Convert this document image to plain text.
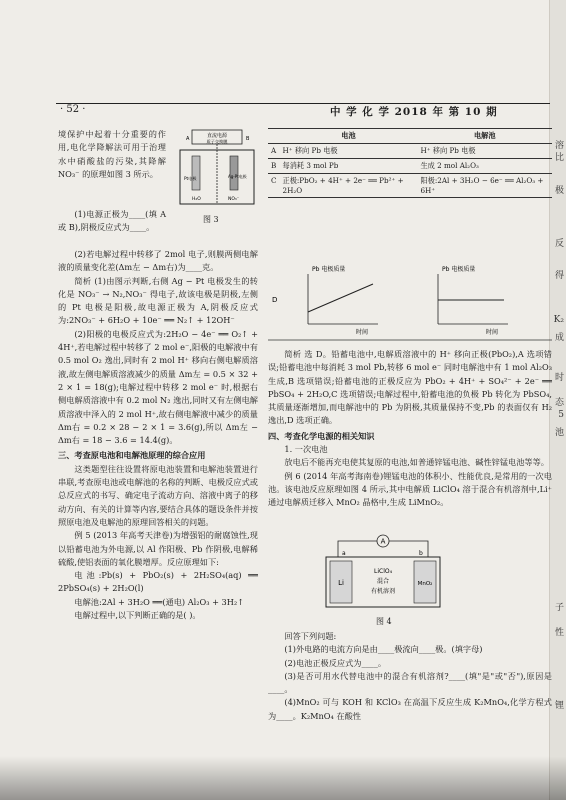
溶
比
极
反
得
K₂
成
时
态
5
池
子
性
锂
· 52 ·	中 学 化 学 2018 年 第 10 期

境保护中起着十分重要的作用,电化学降解法可用于治理水中硝酸盐的污染,其降解 NO₃⁻ 的原理如图 3 所示。

(1)电源正极为____(填 A 或 B),阴极反应式为____。

直流电源
质子交换膜
A	B
Pt电极	Ag-Pt电极
H₂O	NO₃⁻
图 3

(2)若电解过程中转移了 2mol 电子,则膜两侧电解液的质量变化差(Δm左 − Δm右)为____克。

简析 (1)由图示判断,右侧 Ag − Pt 电极发生的转化是 NO₃⁻ → N₂,NO₃⁻ 得电子,故该电极是阴极,左侧的 Pt 电极是阳极,故电源正极为 A,阴极反应式为:2NO₃⁻ + 6H₂O + 10e⁻ ══ N₂↑ + 12OH⁻

(2)阳极的电极反应式为:2H₂O − 4e⁻ ══ O₂↑ + 4H⁺,若电解过程中转移了 2 mol e⁻,阳极的电解液中有 0.5 mol O₂ 逸出,同时有 2 mol H⁺ 移向右侧电解质溶液,故左侧电解质溶液减少的质量 Δm左 = 0.5 × 32 + 2 × 1 = 18(g);电解过程中转移 2 mol e⁻ 时,根据右侧电解质溶液中有 0.2 mol N₂ 逸出,同时又有左侧电解质溶液中泽入的 2 mol H⁺,故右侧电解液中减少的质量 Δm右 = 0.2 × 28 − 2 × 1 = 3.6(g),所以 Δm左 − Δm右 = 18 − 3.6 = 14.4(g)。

三、考查原电池和电解池原理的综合应用

这类题型往往设置将原电池装置和电解池装置进行串联,考查原电池或电解池的名称的判断、电极反应式或总反应式的书写、确定电子流动方向、溶液中离子的移动方向、有关的计算等内容,要结合具体的题设条件并按照原电池及电解池的原理回答相关的问题。

例 5 (2013 年高考天津卷)为增强铝的耐腐蚀性,现以铅蓄电池为外电源,以 Al 作阳极、Pb 作阴极,电解稀硫酸,使铝表面的氧化膜增厚。反应原理如下:

电池:Pb(s) + PbO₂(s) + 2H₂SO₄(aq) ══ 2PbSO₄(s) + 2H₂O(l)

电解池:2Al + 3H₂O ══(通电) Al₂O₃ + 3H₂↑

电解过程中,以下判断正确的是( )。

	电池	电解池
A	H⁺ 移向 Pb 电极	H⁺ 移向 Pb 电极
B	每消耗 3 mol Pb	生成 2 mol Al₂O₃
C	正极:PbO₂ + 4H⁺ + 2e⁻ ══ Pb²⁺ + 2H₂O	阳极:2Al + 3H₂O − 6e⁻ ══ Al₂O₃ + 6H⁺
D
Pb 电极质量
时间
Pb 电极质量
时间

简析 选 D。铅蓄电池中,电解质溶液中的 H⁺ 移向正极(PbO₂),A 选项错误;铅蓄电池中每消耗 3 mol Pb,转移 6 mol e⁻ 同时电解池中有 1 mol Al₂O₃ 生成,B 选项错误;铅蓄电池的正极反应为 PbO₂ + 4H⁺ + SO₄²⁻ + 2e⁻ ══ PbSO₄ + 2H₂O,C 选项错误;电解过程中,铅蓄电池的负极 Pb 转化为 PbSO₄,其质量逐渐增加,而电解池中的 Pb 为阴极,其质量保持不变,Pb 的表面仅有 H₂ 逸出,D 选项正确。

四、考查化学电源的相关知识

1. 一次电池

放电后不能再充电使其复原的电池,如普通锌锰电池、碱性锌锰电池等等。

例 6 (2014 年高考海南卷)锂锰电池的体积小、性能优良,是常用的一次电池。该电池反应原理如图 4 所示,其中电解质 LiClO₄ 溶于混合有机溶剂中,Li⁺ 通过电解质迁移入 MnO₂ 晶格中,生成 LiMnO₂。

A
a	b
Li	MnO₂
LiClO₄
混合
有机溶剂
图 4

回答下列问题:

(1)外电路的电流方向是由____极流向____极。(填字母)

(2)电池正极反应式为____。

(3)是否可用水代替电池中的混合有机溶剂?____(填"是"或"否"),原因是____。

(4)MnO₂ 可与 KOH 和 KClO₃ 在高温下反应生成 K₂MnO₄,化学方程式为____。K₂MnO₄ 在酸性
